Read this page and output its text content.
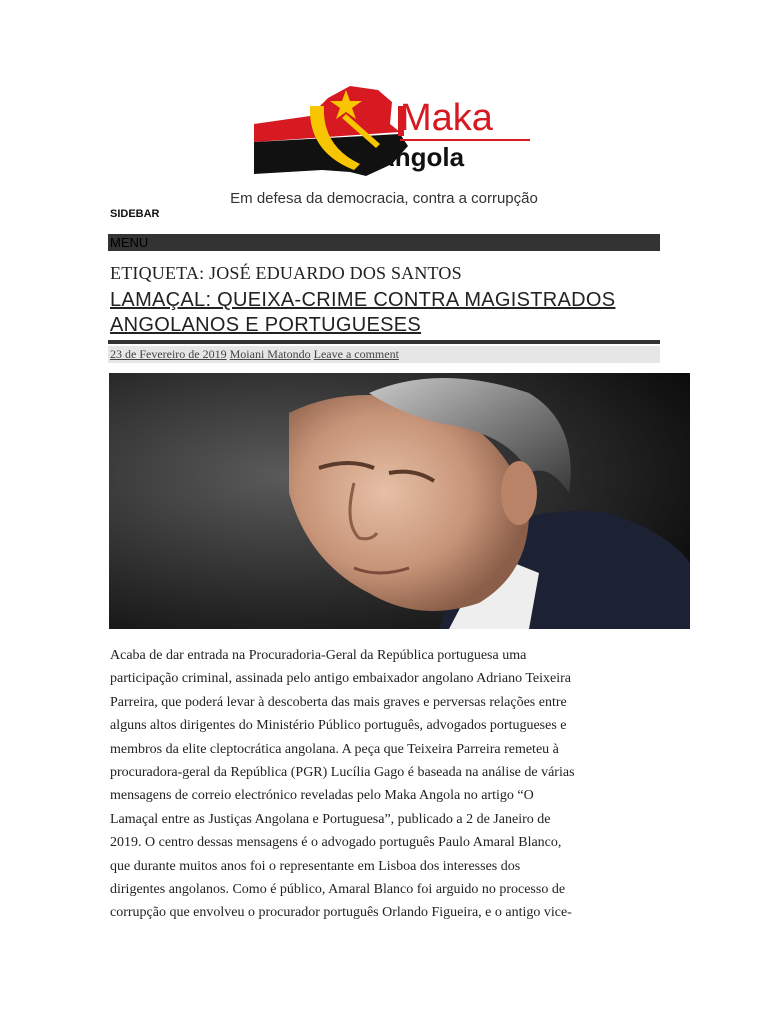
Maka
Angola
Em defesa da democracia, contra a corrupção
SIDEBAR
MENU
ETIQUETA: JOSÉ EDUARDO DOS SANTOS
LAMAÇAL: QUEIXA-CRIME CONTRA MAGISTRADOS
ANGOLANOS E PORTUGUESES
23 de Fevereiro de 2019 Moiani Matondo Leave a comment

Acaba de dar entrada na Procuradoria-Geral da República portuguesa uma
participação criminal, assinada pelo antigo embaixador angolano Adriano Teixeira
Parreira, que poderá levar à descoberta das mais graves e perversas relações entre
alguns altos dirigentes do Ministério Público português, advogados portugueses e
membros da elite cleptocrática angolana. A peça que Teixeira Parreira remeteu à
procuradora-geral da República (PGR) Lucília Gago é baseada na análise de várias
mensagens de correio electrónico reveladas pelo Maka Angola no artigo “O
Lamaçal entre as Justiças Angolana e Portuguesa”, publicado a 2 de Janeiro de
2019. O centro dessas mensagens é o advogado português Paulo Amaral Blanco,
que durante muitos anos foi o representante em Lisboa dos interesses dos
dirigentes angolanos. Como é público, Amaral Blanco foi arguido no processo de
corrupção que envolveu o procurador português Orlando Figueira, e o antigo vice-
